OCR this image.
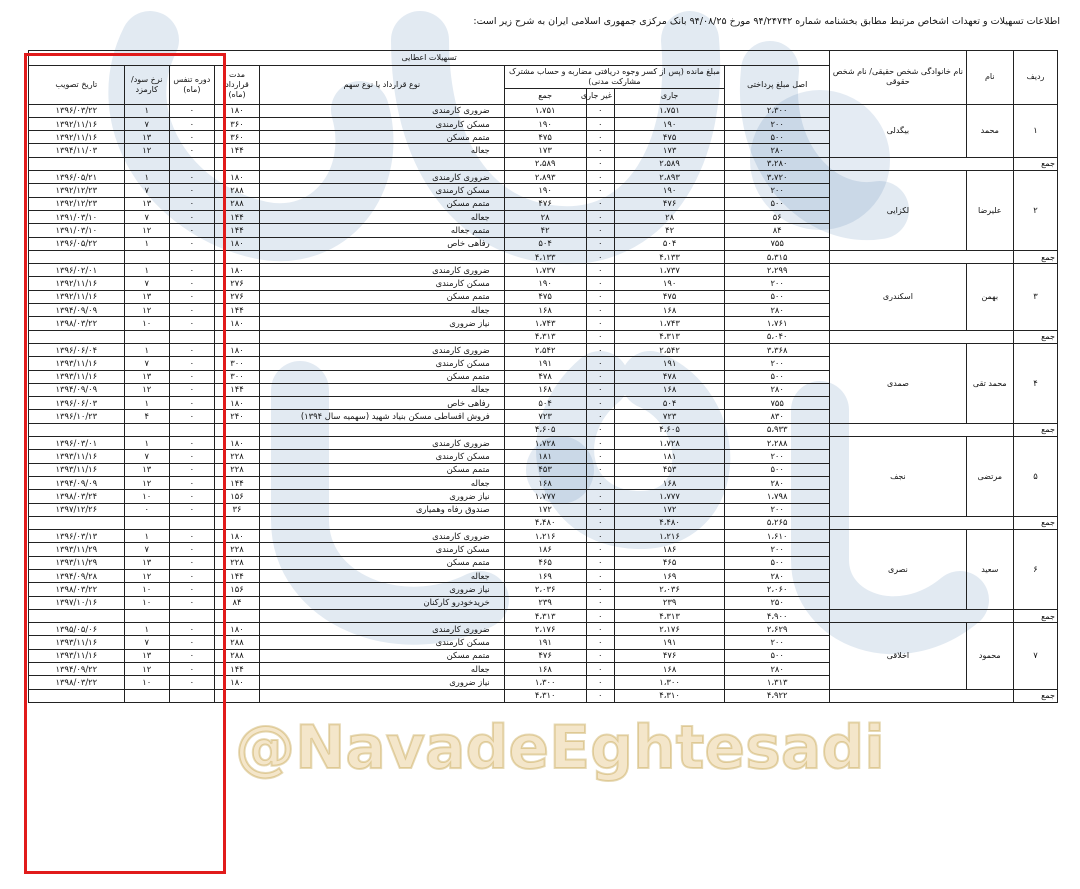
@NavadeEghtesadi
اطلاعات تسهیلات و تعهدات اشخاص مرتبط مطابق بخشنامه شماره ۹۴/۲۴۷۴۲ مورخ ۹۴/۰۸/۲۵ بانک مرکزی جمهوری اسلامی ایران به شرح زیر است:
ردیف	نام	نام خانوادگی شخص حقیقی/ نام شخص حقوقی	تسهیلات اعطایی								
			اصل مبلغ پرداختی	مبلغ مانده (پس از کسر وجوه دریافتی مضاربه و حساب مشترک مشارکت مدنی)			نوع قرارداد یا نوع سهم	مدت قرارداد (ماه)	دوره تنفس (ماه)	نرخ سود/کارمزد	تاریخ تصویب
				جاری	غیر جاری	جمع					
۱	محمد	بیگدلی	۲،۳۰۰	۱،۷۵۱	۰	۱،۷۵۱	ضروری کارمندی	۱۸۰	۰	۱	۱۳۹۶/۰۳/۲۲
			۲۰۰	۱۹۰	۰	۱۹۰	مسکن کارمندی	۳۶۰	۰	۷	۱۳۹۲/۱۱/۱۶
			۵۰۰	۴۷۵	۰	۴۷۵	متمم مسکن	۳۶۰	۰	۱۳	۱۳۹۲/۱۱/۱۶
			۲۸۰	۱۷۳	۰	۱۷۳	جعاله	۱۴۴	۰	۱۲	۱۳۹۴/۱۱/۰۳
جمع			۳،۲۸۰	۲،۵۸۹	۰	۲،۵۸۹					
۲	علیرضا	لکزایی	۳،۷۲۰	۲،۸۹۳	۰	۲،۸۹۳	ضروری کارمندی	۱۸۰	۰	۱	۱۳۹۶/۰۵/۲۱
			۲۰۰	۱۹۰	۰	۱۹۰	مسکن کارمندی	۲۸۸	۰	۷	۱۳۹۲/۱۲/۲۳
			۵۰۰	۴۷۶	۰	۴۷۶	متمم مسکن	۲۸۸	۰	۱۳	۱۳۹۲/۱۲/۲۳
			۵۶	۲۸	۰	۲۸	جعاله	۱۴۴	۰	۷	۱۳۹۱/۰۳/۱۰
			۸۴	۴۲	۰	۴۲	متمم جعاله	۱۴۴	۰	۱۲	۱۳۹۱/۰۳/۱۰
			۷۵۵	۵۰۴	۰	۵۰۴	رفاهی خاص	۱۸۰	۰	۱	۱۳۹۶/۰۵/۲۲
جمع			۵،۳۱۵	۴،۱۳۳	۰	۴،۱۳۳					
۳	بهمن	اسکندری	۲،۲۹۹	۱،۷۳۷	۰	۱،۷۳۷	ضروری کارمندی	۱۸۰	۰	۱	۱۳۹۶/۰۲/۰۱
			۲۰۰	۱۹۰	۰	۱۹۰	مسکن کارمندی	۲۷۶	۰	۷	۱۳۹۲/۱۱/۱۶
			۵۰۰	۴۷۵	۰	۴۷۵	متمم مسکن	۲۷۶	۰	۱۳	۱۳۹۲/۱۱/۱۶
			۲۸۰	۱۶۸	۰	۱۶۸	جعاله	۱۴۴	۰	۱۲	۱۳۹۴/۰۹/۰۹
			۱،۷۶۱	۱،۷۴۳	۰	۱،۷۴۳	نیاز ضروری	۱۸۰	۰	۱۰	۱۳۹۸/۰۳/۲۲
جمع			۵،۰۴۰	۴،۳۱۳	۰	۴،۳۱۳					
۴	محمد تقی	صمدی	۳،۳۶۸	۲،۵۴۲	۰	۲،۵۴۲	ضروری کارمندی	۱۸۰	۰	۱	۱۳۹۶/۰۶/۰۴
			۲۰۰	۱۹۱	۰	۱۹۱	مسکن کارمندی	۳۰۰	۰	۷	۱۳۹۳/۱۱/۱۶
			۵۰۰	۴۷۸	۰	۴۷۸	متمم مسکن	۳۰۰	۰	۱۳	۱۳۹۳/۱۱/۱۶
			۲۸۰	۱۶۸	۰	۱۶۸	جعاله	۱۴۴	۰	۱۲	۱۳۹۴/۰۹/۰۹
			۷۵۵	۵۰۴	۰	۵۰۴	رفاهی خاص	۱۸۰	۰	۱	۱۳۹۶/۰۶/۰۳
			۸۳۰	۷۲۳	۰	۷۲۳	فروش اقساطی مسکن بنیاد شهید (سهمیه سال ۱۳۹۴)	۲۴۰	۰	۴	۱۳۹۶/۱۰/۲۳
جمع			۵،۹۳۳	۴،۶۰۵	۰	۴،۶۰۵					
۵	مرتضی	نجف	۲،۲۸۸	۱،۷۲۸	۰	۱،۷۲۸	ضروری کارمندی	۱۸۰	۰	۱	۱۳۹۶/۰۳/۰۱
			۲۰۰	۱۸۱	۰	۱۸۱	مسکن کارمندی	۲۲۸	۰	۷	۱۳۹۳/۱۱/۱۶
			۵۰۰	۴۵۳	۰	۴۵۳	متمم مسکن	۲۲۸	۰	۱۳	۱۳۹۳/۱۱/۱۶
			۲۸۰	۱۶۸	۰	۱۶۸	جعاله	۱۴۴	۰	۱۲	۱۳۹۴/۰۹/۰۹
			۱،۷۹۸	۱،۷۷۷	۰	۱،۷۷۷	نیاز ضروری	۱۵۶	۰	۱۰	۱۳۹۸/۰۳/۲۴
			۲۰۰	۱۷۲	۰	۱۷۲	صندوق رفاه وهمیاری	۳۶	۰	۰	۱۳۹۷/۱۲/۲۶
جمع			۵،۲۶۵	۴،۴۸۰	۰	۴،۴۸۰					
۶	سعید	نصری	۱،۶۱۰	۱،۲۱۶	۰	۱،۲۱۶	ضروری کارمندی	۱۸۰	۰	۱	۱۳۹۶/۰۳/۱۳
			۲۰۰	۱۸۶	۰	۱۸۶	مسکن کارمندی	۲۲۸	۰	۷	۱۳۹۳/۱۱/۲۹
			۵۰۰	۴۶۵	۰	۴۶۵	متمم مسکن	۲۲۸	۰	۱۳	۱۳۹۳/۱۱/۲۹
			۲۸۰	۱۶۹	۰	۱۶۹	جعاله	۱۴۴	۰	۱۲	۱۳۹۴/۰۹/۲۸
			۲،۰۶۰	۲،۰۳۶	۰	۲،۰۳۶	نیاز ضروری	۱۵۶	۰	۱۰	۱۳۹۸/۰۳/۲۲
			۲۵۰	۲۳۹	۰	۲۳۹	خریدخودرو کارکنان	۸۴	۰	۱۰	۱۳۹۷/۱۰/۱۶
جمع			۴،۹۰۰	۴،۳۱۳	۰	۴،۳۱۳					
۷	محمود	اخلاقی	۲،۶۲۹	۲،۱۷۶	۰	۲،۱۷۶	ضروری کارمندی	۱۸۰	۰	۱	۱۳۹۵/۰۵/۰۶
			۲۰۰	۱۹۱	۰	۱۹۱	مسکن کارمندی	۲۸۸	۰	۷	۱۳۹۳/۱۱/۱۶
			۵۰۰	۴۷۶	۰	۴۷۶	متمم مسکن	۲۸۸	۰	۱۳	۱۳۹۳/۱۱/۱۶
			۲۸۰	۱۶۸	۰	۱۶۸	جعاله	۱۴۴	۰	۱۲	۱۳۹۴/۰۹/۲۲
			۱،۳۱۳	۱،۳۰۰	۰	۱،۳۰۰	نیاز ضروری	۱۸۰	۰	۱۰	۱۳۹۸/۰۳/۲۲
جمع			۴،۹۲۲	۴،۳۱۰	۰	۴،۳۱۰					
